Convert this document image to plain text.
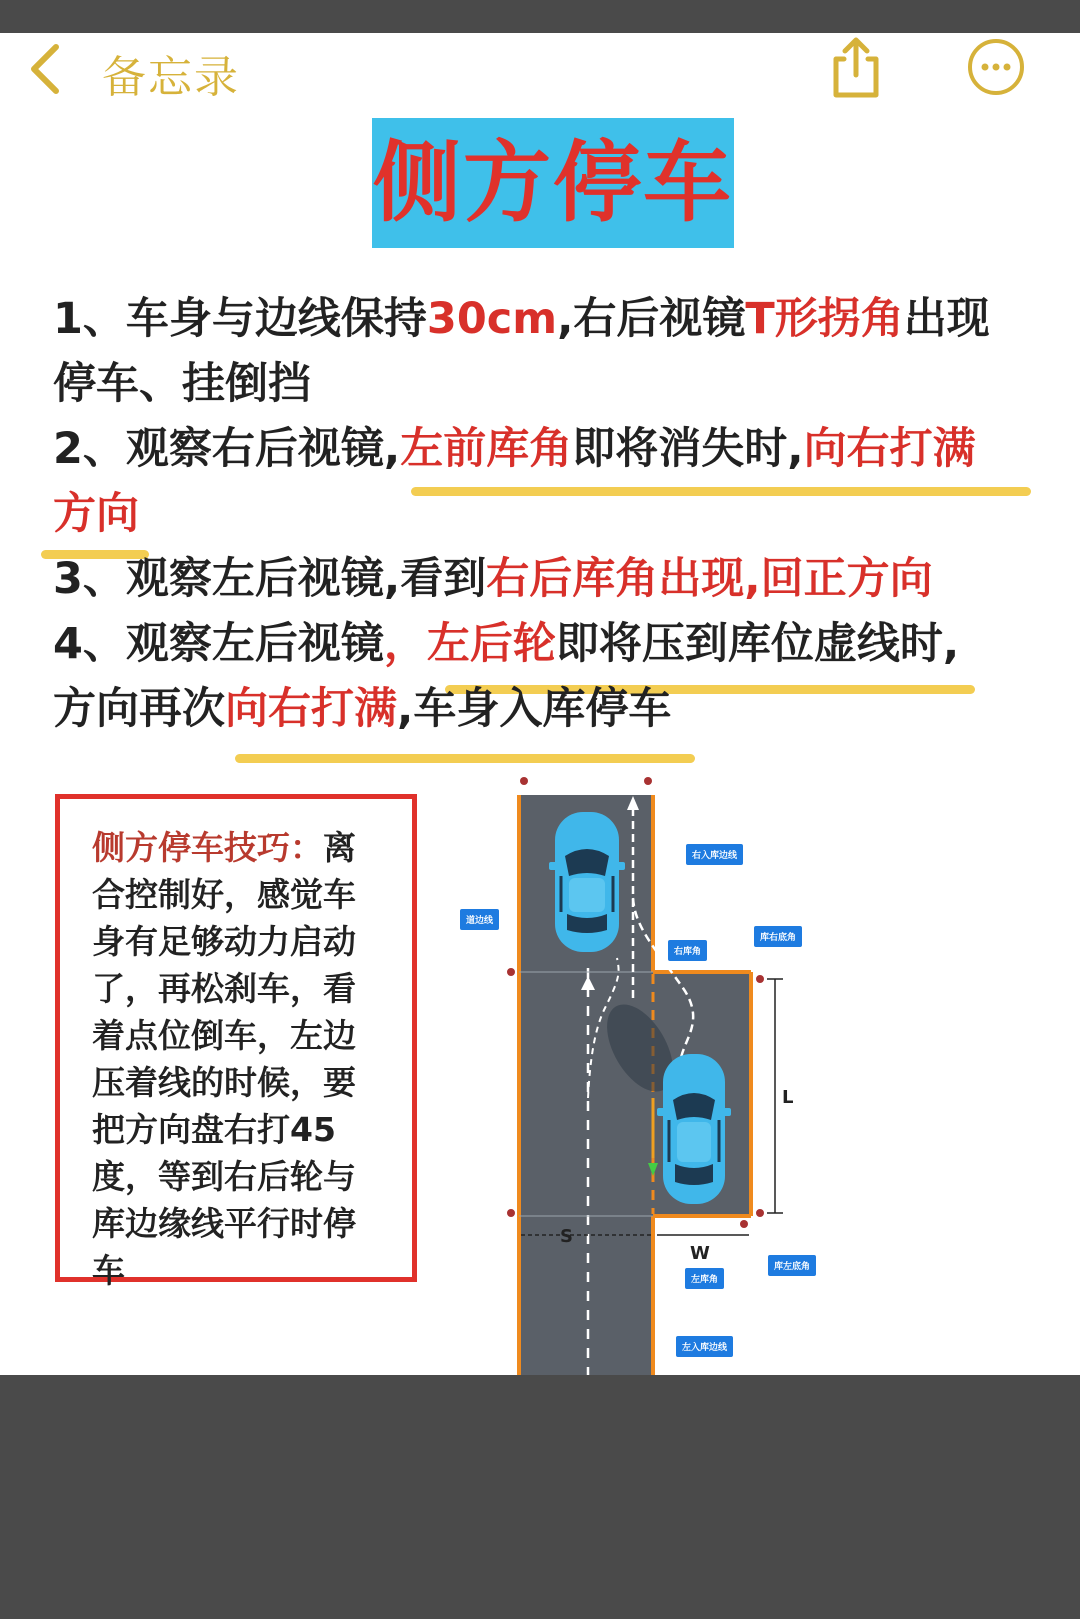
备忘录
侧方停车
1、车身与边线保持30cm,右后视镜T形拐角出现
停车、挂倒挡
2、观察右后视镜,左前库角即将消失时,向右打满
方向
3、观察左后视镜,看到右后库角出现,回正方向
4、观察左后视镜，左后轮即将压到库位虚线时,
方向再次向右打满,车身入库停车
侧方停车技巧：离合控制好，感觉车身有足够动力启动了，再松刹车，看着点位倒车，左边压着线的时候，要把方向盘右打45度，等到右后轮与库边缘线平行时停车
S
W
L
右入库边线
道边线
右库角
库右底角
左库角
库左底角
左入库边线
